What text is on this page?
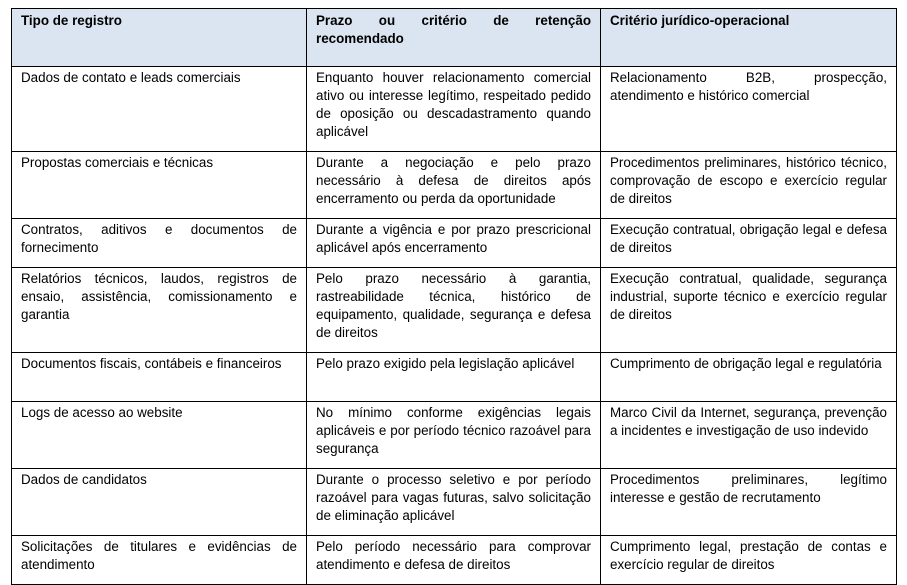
Tipo de registro	Prazo ou critério de retenção recomendado	Critério jurídico-operacional
Dados de contato e leads comerciais	Enquanto houver relacionamento comercial ativo ou interesse legítimo, respeitado pedido de oposição ou descadastramento quando aplicável	Relacionamento B2B, prospecção, atendimento e histórico comercial
Propostas comerciais e técnicas	Durante a negociação e pelo prazo necessário à defesa de direitos após encerramento ou perda da oportunidade	Procedimentos preliminares, histórico técnico, comprovação de escopo e exercício regular de direitos
Contratos, aditivos e documentos de fornecimento	Durante a vigência e por prazo prescricional aplicável após encerramento	Execução contratual, obrigação legal e defesa de direitos
Relatórios técnicos, laudos, registros de ensaio, assistência, comissionamento e garantia	Pelo prazo necessário à garantia, rastreabilidade técnica, histórico de equipamento, qualidade, segurança e defesa de direitos	Execução contratual, qualidade, segurança industrial, suporte técnico e exercício regular de direitos
Documentos fiscais, contábeis e financeiros	Pelo prazo exigido pela legislação aplicável	Cumprimento de obrigação legal e regulatória
Logs de acesso ao website	No mínimo conforme exigências legais aplicáveis e por período técnico razoável para segurança	Marco Civil da Internet, segurança, prevenção a incidentes e investigação de uso indevido
Dados de candidatos	Durante o processo seletivo e por período razoável para vagas futuras, salvo solicitação de eliminação aplicável	Procedimentos preliminares, legítimo interesse e gestão de recrutamento
Solicitações de titulares e evidências de atendimento	Pelo período necessário para comprovar atendimento e defesa de direitos	Cumprimento legal, prestação de contas e exercício regular de direitos
